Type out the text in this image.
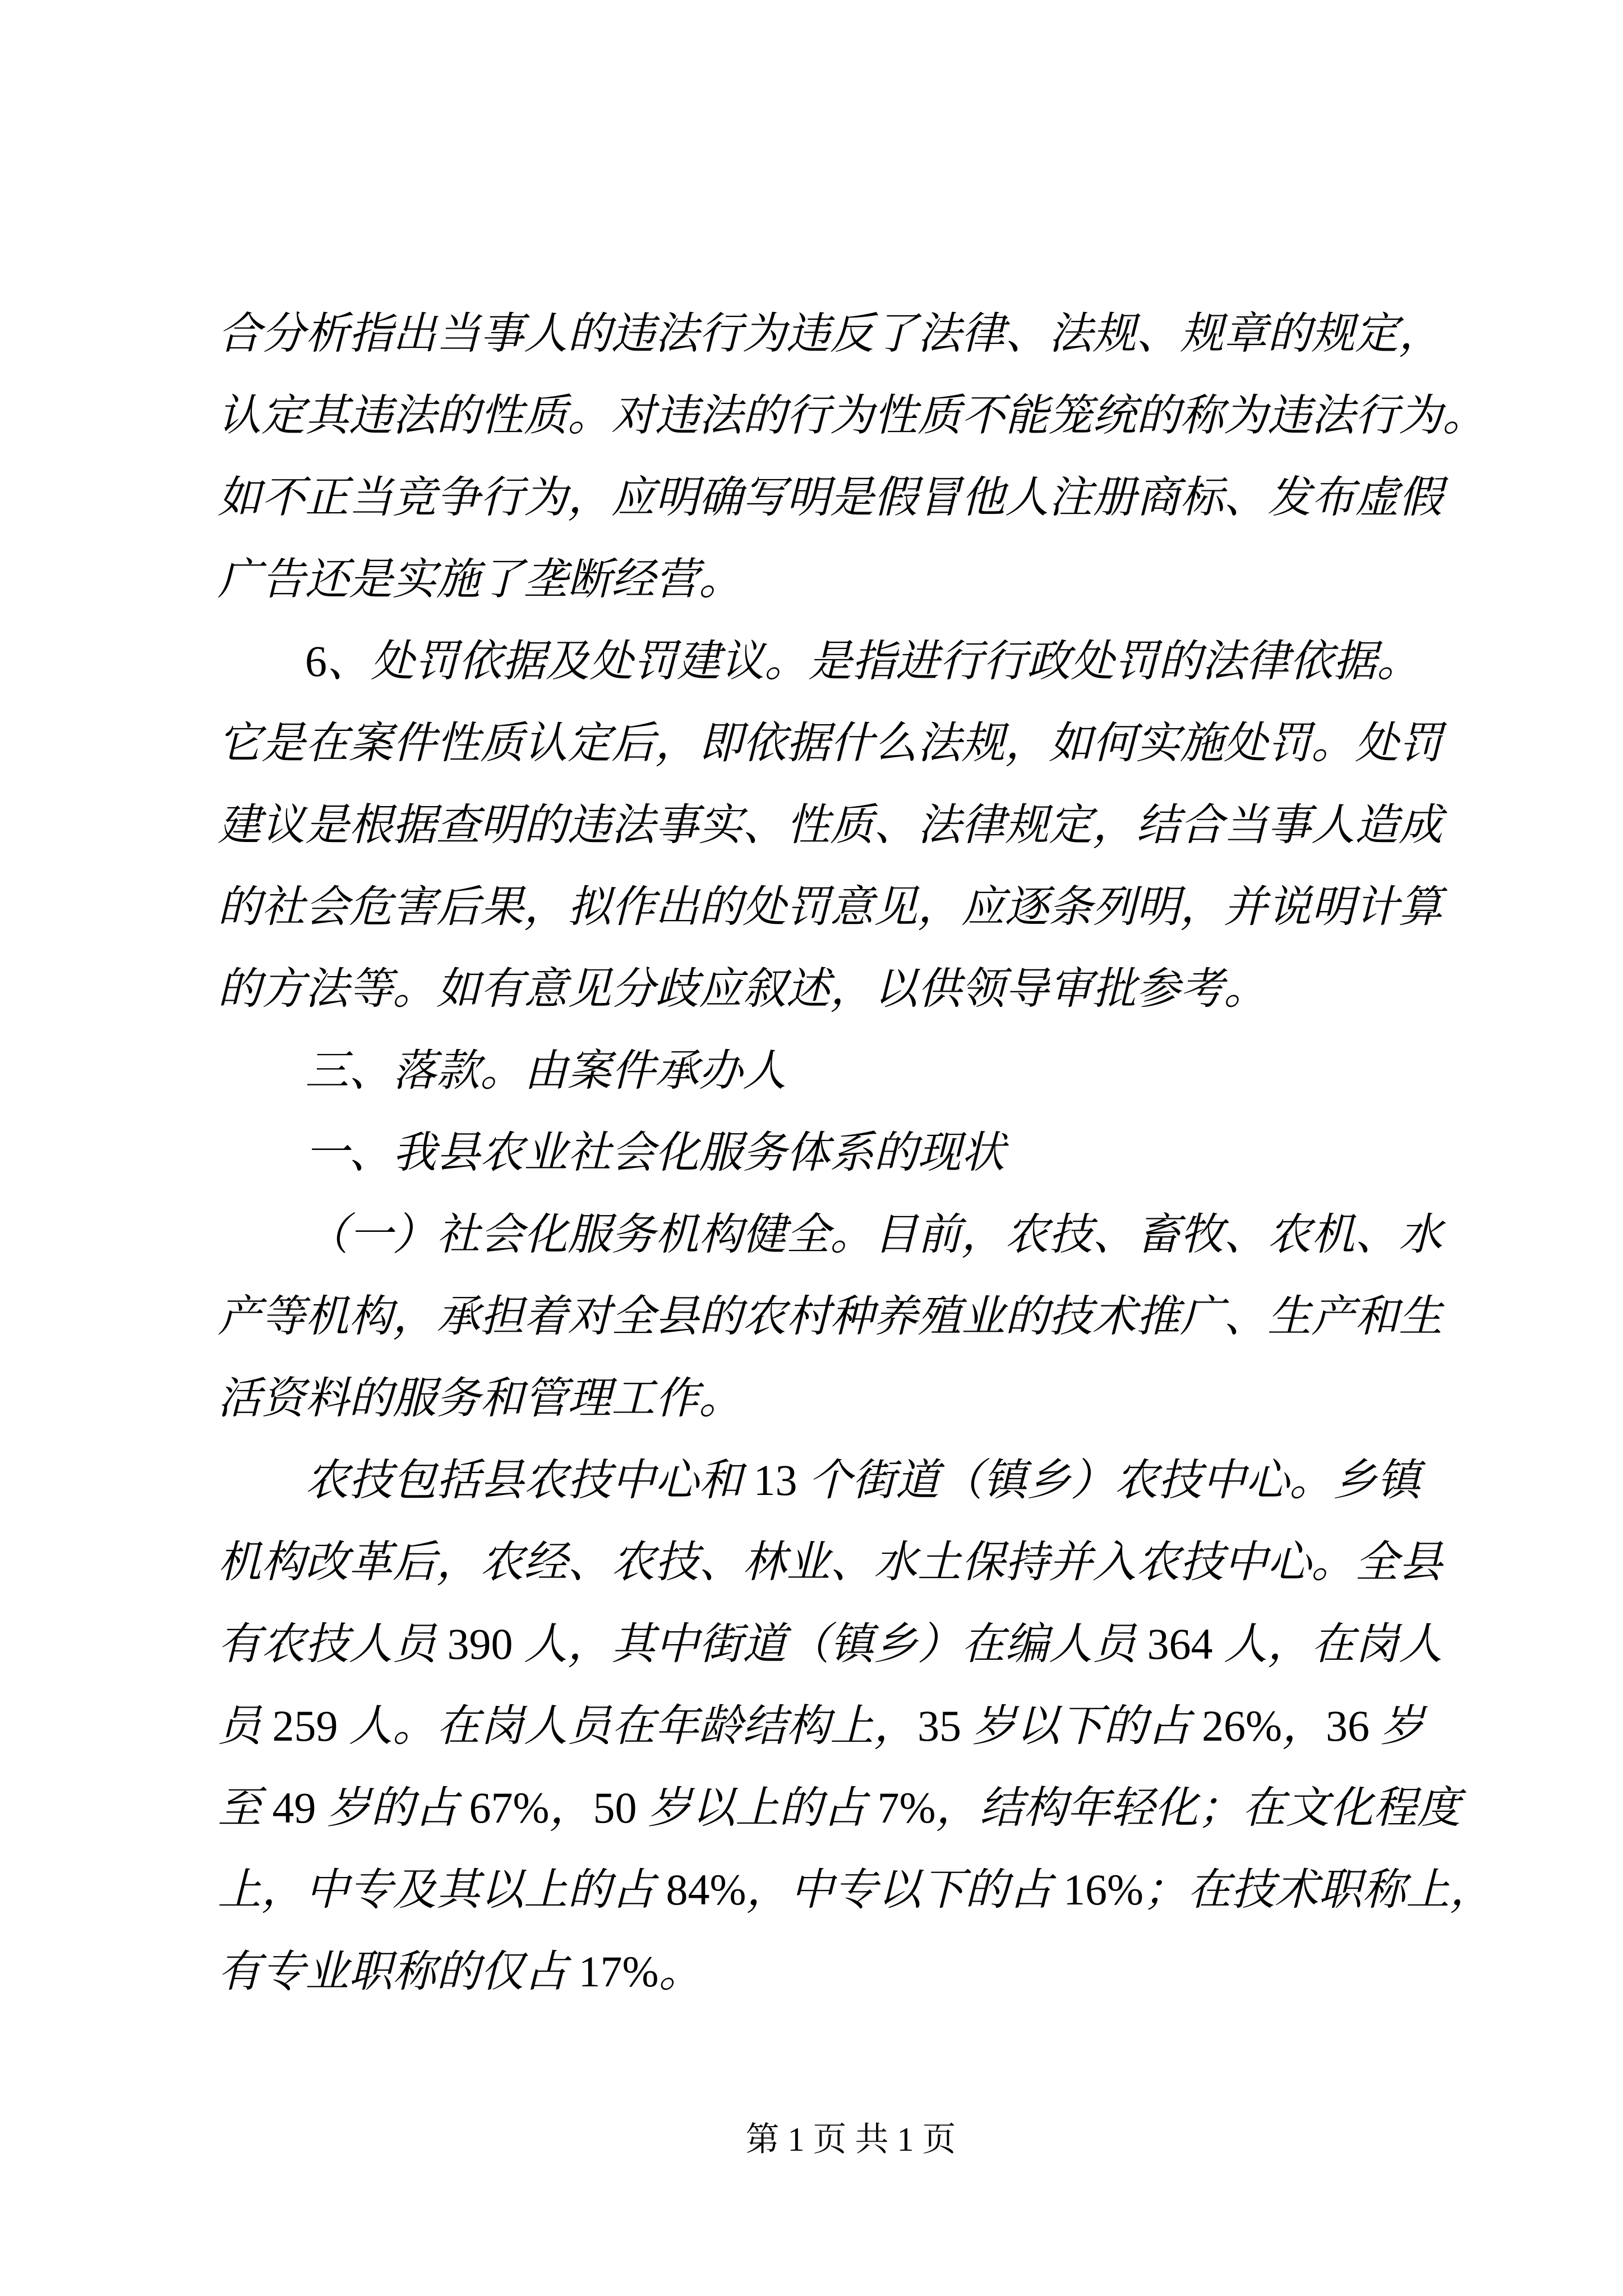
合分析指出当事人的违法行为违反了法律、法规、规章的规定，
认定其违法的性质。对违法的行为性质不能笼统的称为违法行为。
如不正当竞争行为，应明确写明是假冒他人注册商标、发布虚假
广告还是实施了垄断经营。
6、处罚依据及处罚建议。是指进行行政处罚的法律依据。
它是在案件性质认定后，即依据什么法规，如何实施处罚。处罚
建议是根据查明的违法事实、性质、法律规定，结合当事人造成
的社会危害后果，拟作出的处罚意见，应逐条列明，并说明计算
的方法等。如有意见分歧应叙述，以供领导审批参考。
三、落款。由案件承办人
一、我县农业社会化服务体系的现状
（一）社会化服务机构健全。目前，农技、畜牧、农机、水
产等机构，承担着对全县的农村种养殖业的技术推广、生产和生
活资料的服务和管理工作。
农技包括县农技中心和 13 个街道（镇乡）农技中心。乡镇
机构改革后，农经、农技、林业、水土保持并入农技中心。全县
有农技人员 390 人，其中街道（镇乡）在编人员 364 人，在岗人
员 259 人。在岗人员在年龄结构上，35 岁以下的占 26%，36 岁
至 49 岁的占 67%，50 岁以上的占 7%，结构年轻化；在文化程度
上，中专及其以上的占 84%，中专以下的占 16%；在技术职称上，
有专业职称的仅占 17%。
第 1 页 共 1 页
